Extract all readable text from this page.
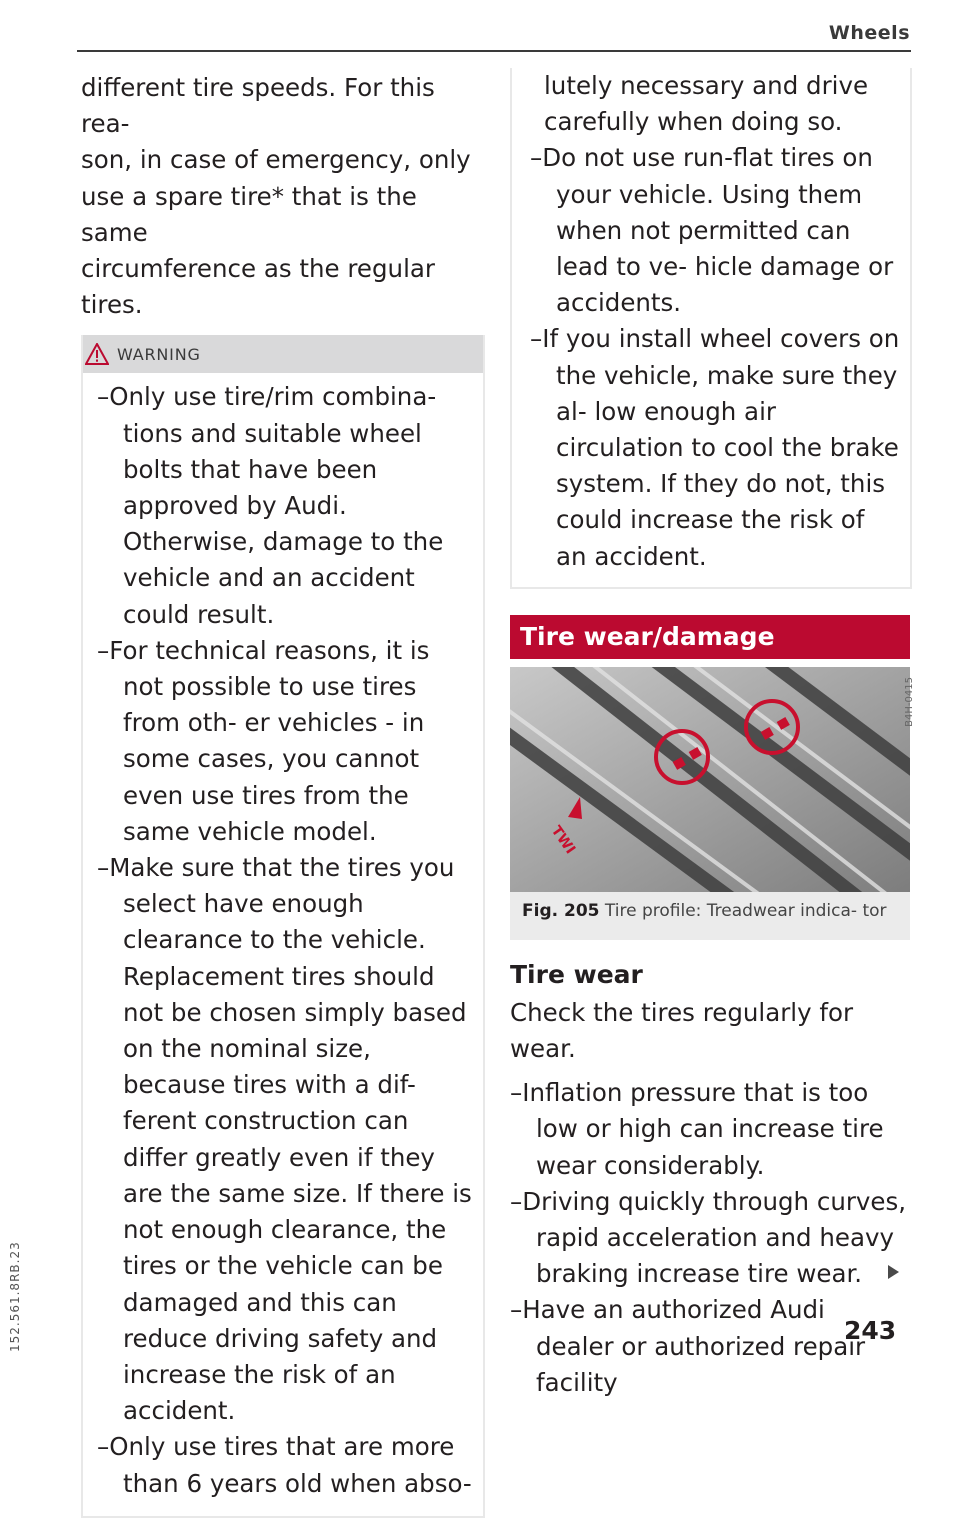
Wheels
152.561.8RB.23

different tire speeds. For this rea-

son, in case of emergency, only

use a spare tire* that is the same

circumference as the regular tires.

WARNING
–Only use tire/rim combina- tions and suitable wheel bolts that have been approved by Audi. Otherwise, damage to the vehicle and an accident could result.
–For technical reasons, it is not possible to use tires from oth- er vehicles - in some cases, you cannot even use tires from the same vehicle model.
–Make sure that the tires you select have enough clearance to the vehicle. Replacement tires should not be chosen simply based on the nominal size, because tires with a dif- ferent construction can differ greatly even if they are the same size. If there is not enough clearance, the tires or the vehicle can be damaged and this can reduce driving safety and increase the risk of an accident.
–Only use tires that are more than 6 years old when abso-
lutely necessary and drive carefully when doing so.
–Do not use run-flat tires on your vehicle. Using them when not permitted can lead to ve- hicle damage or accidents.
–If you install wheel covers on the vehicle, make sure they al- low enough air circulation to cool the brake system. If they do not, this could increase the risk of an accident.
Tire wear/damage
TWI
B4H-0415
Fig. 205 Tire profile: Treadwear indica- tor
Tire wear

Check the tires regularly for wear.

–Inflation pressure that is too low or high can increase tire wear considerably.
–Driving quickly through curves, rapid acceleration and heavy braking increase tire wear.
–Have an authorized Audi dealer or authorized repair facility
243
